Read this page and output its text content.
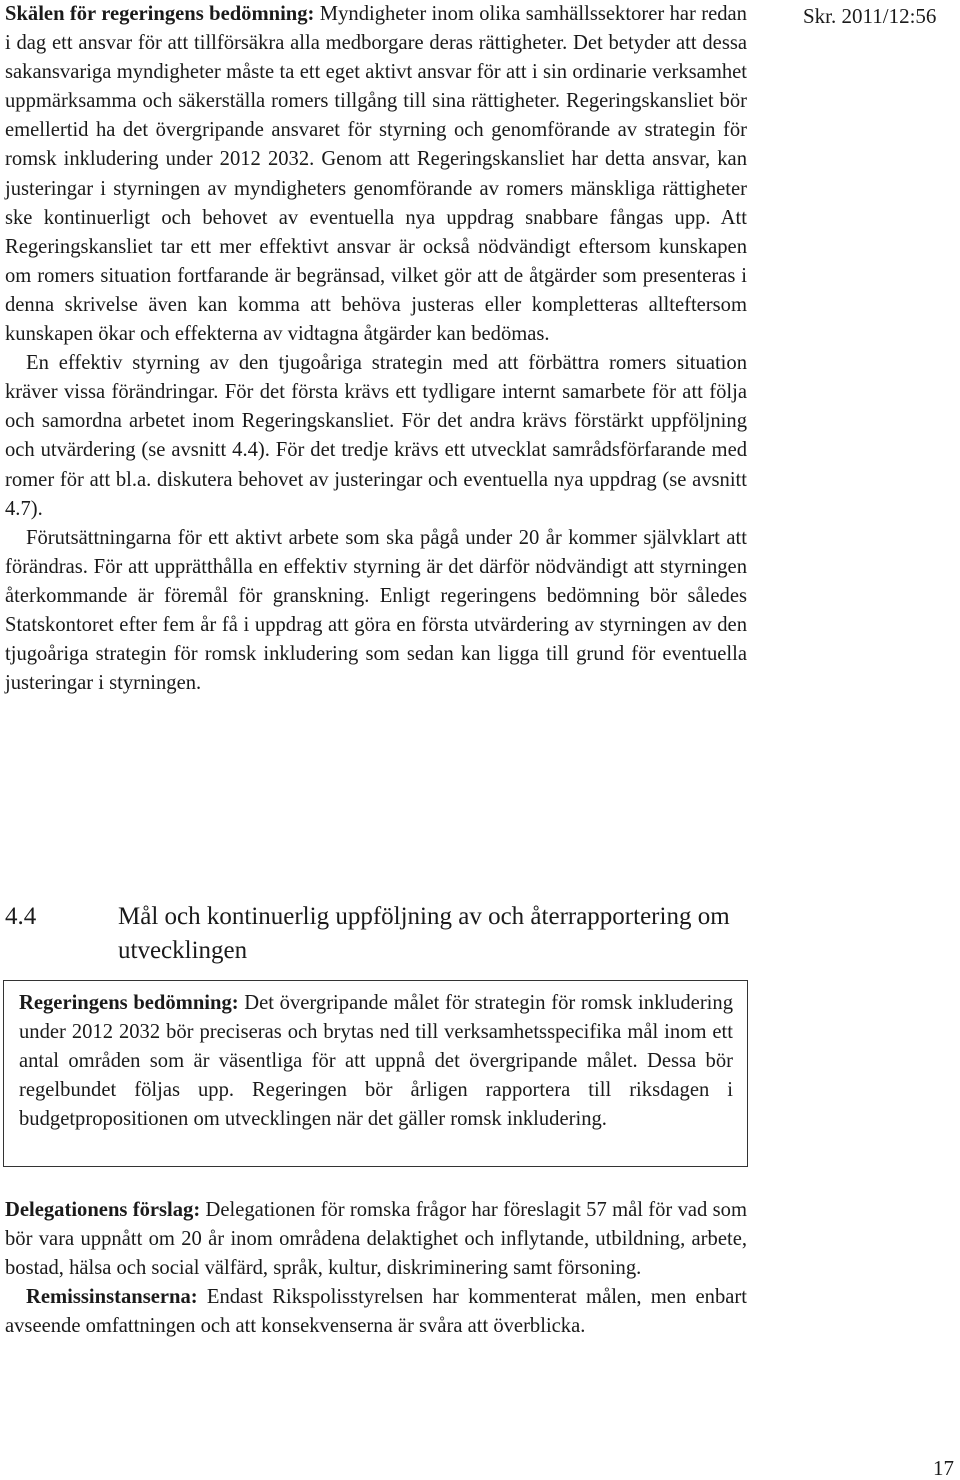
Skr. 2011/12:56

Skälen för regeringens bedömning: Myndigheter inom olika samhällssektorer har redan i dag ett ansvar för att tillförsäkra alla medborgare deras rättigheter. Det betyder att dessa sakansvariga myndigheter måste ta ett eget aktivt ansvar för att i sin ordinarie verksamhet uppmärksamma och säkerställa romers tillgång till sina rättigheter. Regeringskansliet bör emellertid ha det övergripande ansvaret för styrning och genomförande av strategin för romsk inkludering under 2012 2032. Genom att Regeringskansliet har detta ansvar, kan justeringar i styrningen av myndigheters genomförande av romers mänskliga rättigheter ske kontinuerligt och behovet av eventuella nya uppdrag snabbare fångas upp. Att Regeringskansliet tar ett mer effektivt ansvar är också nödvändigt eftersom kunskapen om romers situation fortfarande är begränsad, vilket gör att de åtgärder som presenteras i denna skrivelse även kan komma att behöva justeras eller kompletteras allteftersom kunskapen ökar och effekterna av vidtagna åtgärder kan bedömas.

En effektiv styrning av den tjugoåriga strategin med att förbättra romers situation kräver vissa förändringar. För det första krävs ett tydligare internt samarbete för att följa och samordna arbetet inom Regeringskansliet. För det andra krävs förstärkt uppföljning och utvärdering (se avsnitt 4.4). För det tredje krävs ett utvecklat samrådsförfarande med romer för att bl.a. diskutera behovet av justeringar och eventuella nya uppdrag (se avsnitt 4.7).

Förutsättningarna för ett aktivt arbete som ska pågå under 20 år kommer självklart att förändras. För att upprätthålla en effektiv styrning är det därför nödvändigt att styrningen återkommande är föremål för granskning. Enligt regeringens bedömning bör således Statskontoret efter fem år få i uppdrag att göra en första utvärdering av styrningen av den tjugoåriga strategin för romsk inkludering som sedan kan ligga till grund för eventuella justeringar i styrningen.

4.4	Mål och kontinuerlig uppföljning av och återrapportering om utvecklingen

Regeringens bedömning: Det övergripande målet för strategin för romsk inkludering under 2012 2032 bör preciseras och brytas ned till verksamhetsspecifika mål inom ett antal områden som är väsentliga för att uppnå det övergripande målet. Dessa bör regelbundet följas upp. Regeringen bör årligen rapportera till riksdagen i budgetpropositionen om utvecklingen när det gäller romsk inkludering.

Delegationens förslag: Delegationen för romska frågor har föreslagit 57 mål för vad som bör vara uppnått om 20 år inom områdena delaktighet och inflytande, utbildning, arbete, bostad, hälsa och social välfärd, språk, kultur, diskriminering samt försoning.

Remissinstanserna: Endast Rikspolisstyrelsen har kommenterat målen, men enbart avseende omfattningen och att konsekvenserna är svåra att överblicka.

17
